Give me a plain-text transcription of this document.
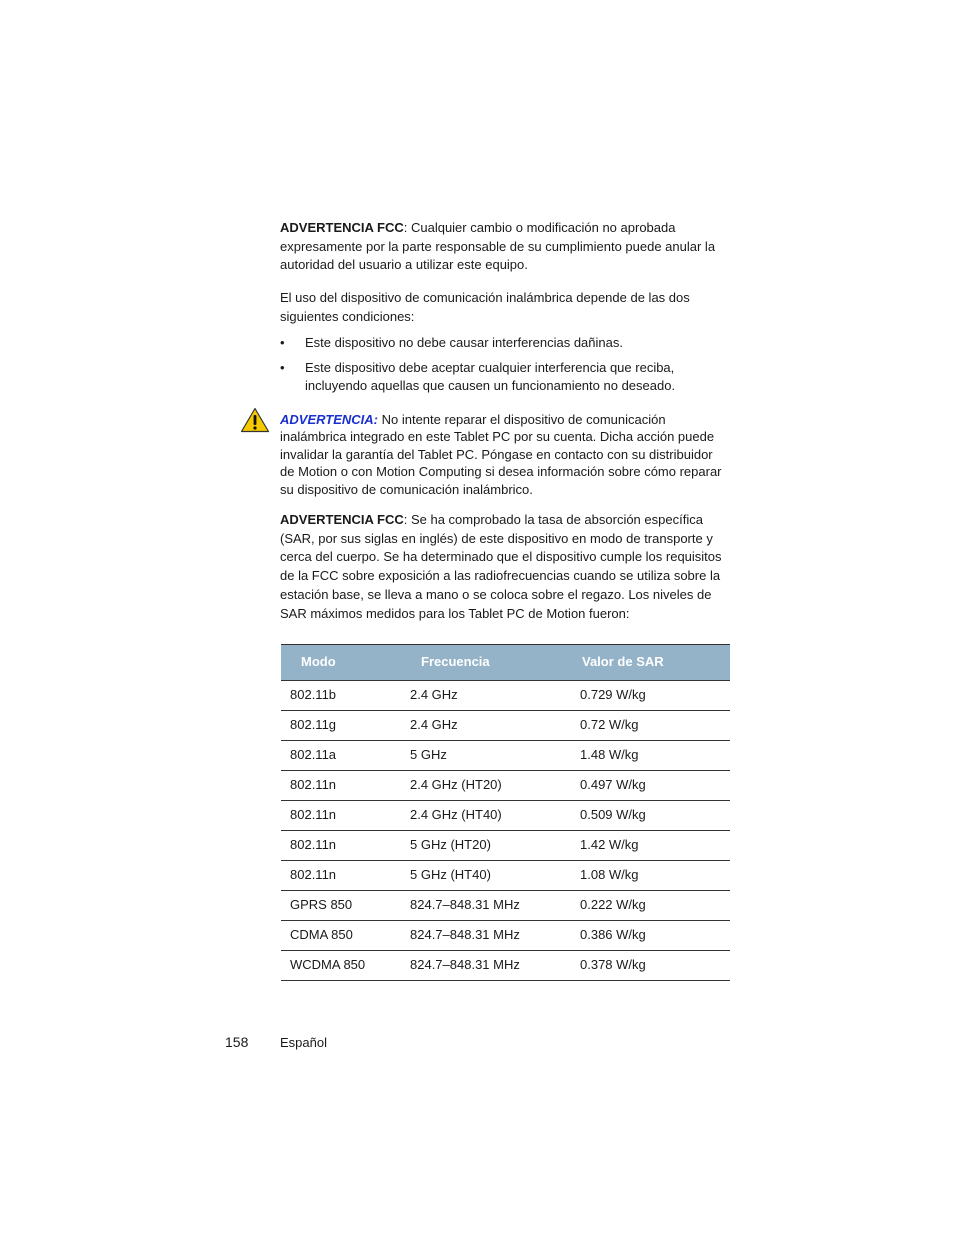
ADVERTENCIA FCC: Cualquier cambio o modificación no aprobada expresamente por la parte responsable de su cumplimiento puede anular la autoridad del usuario a utilizar este equipo.

El uso del dispositivo de comunicación inalámbrica depende de las dos siguientes condiciones:

• Este dispositivo no debe causar interferencias dañinas.
• Este dispositivo debe aceptar cualquier interferencia que reciba, incluyendo aquellas que causen un funcionamiento no deseado.

ADVERTENCIA: No intente reparar el dispositivo de comunicación inalámbrica integrado en este Tablet PC por su cuenta. Dicha acción puede invalidar la garantía del Tablet PC. Póngase en contacto con su distribuidor de Motion o con Motion Computing si desea información sobre cómo reparar su dispositivo de comunicación inalámbrico.

ADVERTENCIA FCC: Se ha comprobado la tasa de absorción específica (SAR, por sus siglas en inglés) de este dispositivo en modo de transporte y cerca del cuerpo. Se ha determinado que el dispositivo cumple los requisitos de la FCC sobre exposición a las radiofrecuencias cuando se utiliza sobre la estación base, se lleva a mano o se coloca sobre el regazo. Los niveles de SAR máximos medidos para los Tablet PC de Motion fueron:

Modo	Frecuencia	Valor de SAR
802.11b	2.4 GHz	0.729 W/kg
802.11g	2.4 GHz	0.72 W/kg
802.11a	5 GHz	1.48 W/kg
802.11n	2.4 GHz (HT20)	0.497 W/kg
802.11n	2.4 GHz (HT40)	0.509 W/kg
802.11n	5 GHz (HT20)	1.42 W/kg
802.11n	5 GHz (HT40)	1.08 W/kg
GPRS 850	824.7–848.31 MHz	0.222 W/kg
CDMA 850	824.7–848.31 MHz	0.386 W/kg
WCDMA 850	824.7–848.31 MHz	0.378 W/kg
158 Español
